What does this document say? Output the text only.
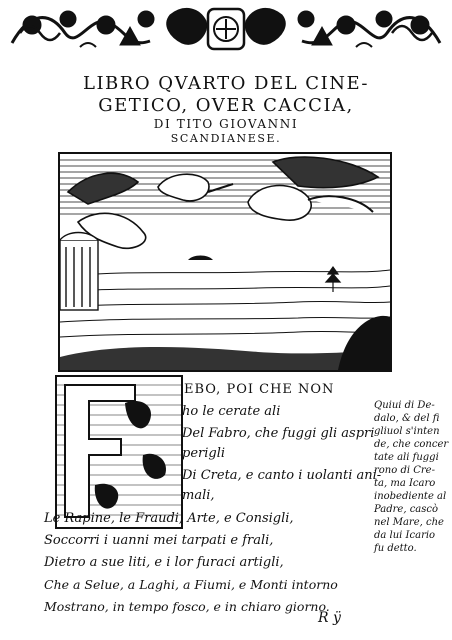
LIBRO QVARTO DEL CINE-
GETICO, OVER CACCIA,
DI TITO GIOVANNI
SCANDIANESE.
EBO, POI CHE NON
ho le cerate ali
Del Fabro, che fuggi gli aspri
perigli
Di Creta, e canto i uolanti ani-
mali,
Le Rapine, le Fraudi, Arte, e Consigli,
Soccorri i uanni mei tarpati e frali,
Dietro a sue liti, e i lor furaci artigli,
Che a Selue, a Laghi, a Fiumi, e Monti intorno
Mostrano, in tempo fosco, e in chiaro giorno.
Quiui di De-
dalo, & del fi
gliuol s'inten
de, che concer
tate ali fuggi
rono di Cre-
ta, ma Icaro
inobediente al
Padre, cascò
nel Mare, che
da lui Icario
fu detto.
R ÿ
